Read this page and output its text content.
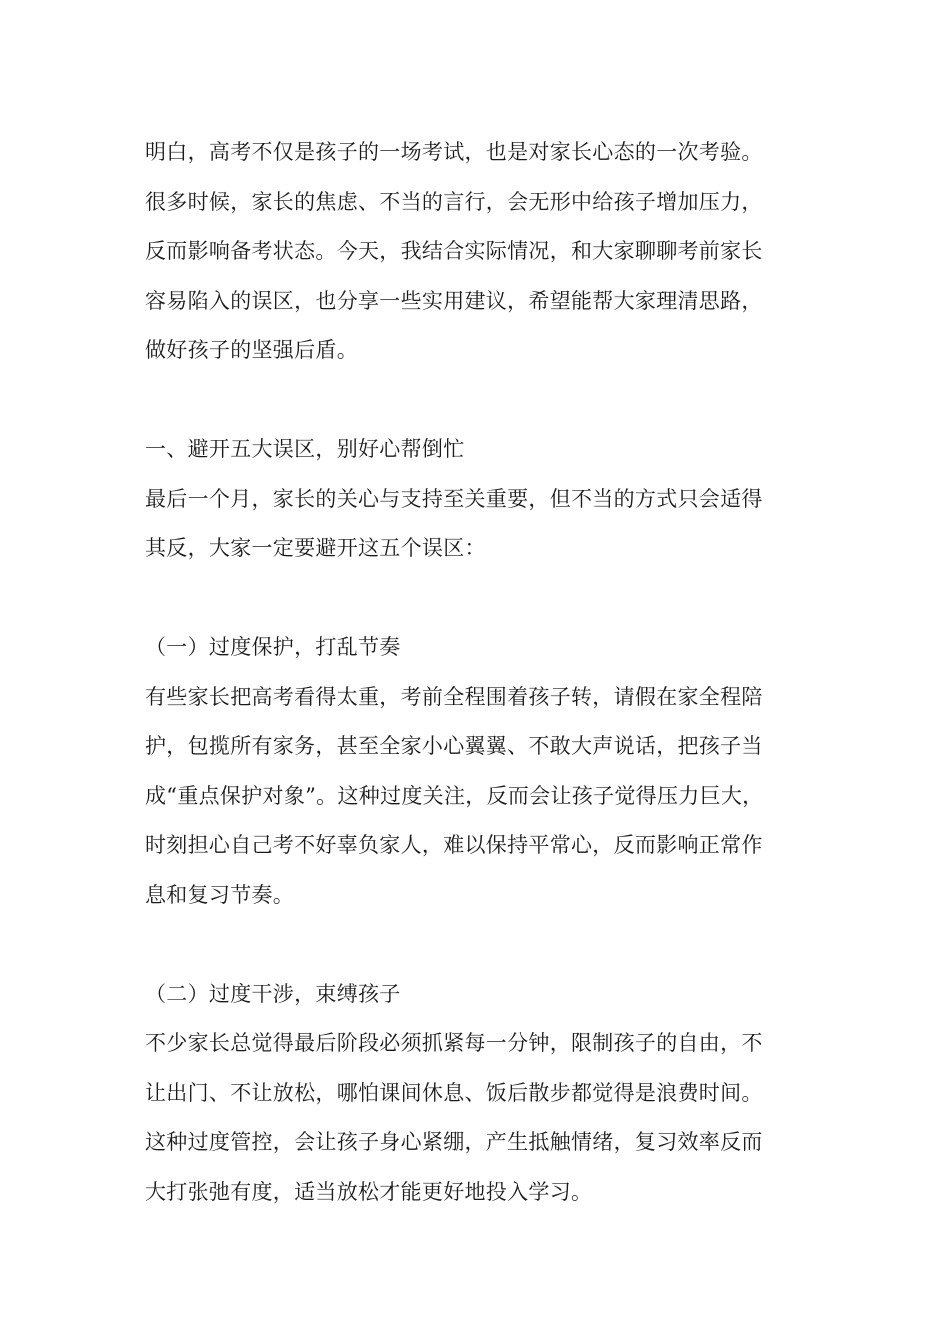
明白，高考不仅是孩子的一场考试，也是对家长心态的一次考验。
很多时候，家长的焦虑、不当的言行，会无形中给孩子增加压力，
反而影响备考状态。今天，我结合实际情况，和大家聊聊考前家长
容易陷入的误区，也分享一些实用建议，希望能帮大家理清思路，
做好孩子的坚强后盾。
一、避开五大误区，别好心帮倒忙
最后一个月，家长的关心与支持至关重要，但不当的方式只会适得
其反，大家一定要避开这五个误区：
（一）过度保护，打乱节奏
有些家长把高考看得太重，考前全程围着孩子转，请假在家全程陪
护，包揽所有家务，甚至全家小心翼翼、不敢大声说话，把孩子当
成“重点保护对象”。这种过度关注，反而会让孩子觉得压力巨大，
时刻担心自己考不好辜负家人，难以保持平常心，反而影响正常作
息和复习节奏。
（二）过度干涉，束缚孩子
不少家长总觉得最后阶段必须抓紧每一分钟，限制孩子的自由，不
让出门、不让放松，哪怕课间休息、饭后散步都觉得是浪费时间。
这种过度管控，会让孩子身心紧绷，产生抵触情绪，复习效率反而
大打张弛有度，适当放松才能更好地投入学习。
